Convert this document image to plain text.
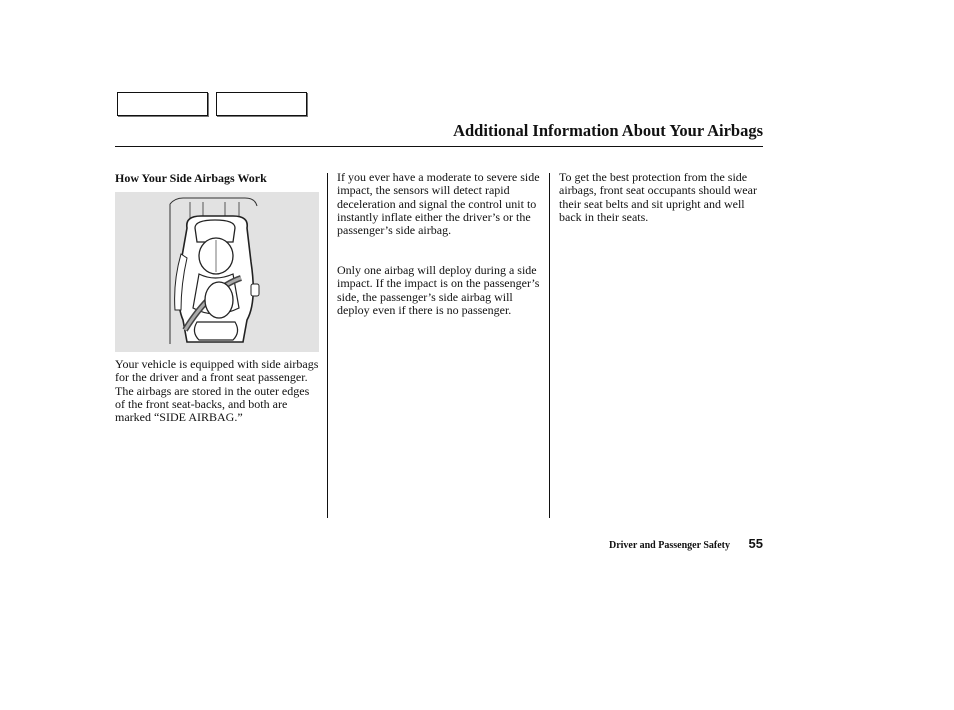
Additional Information About Your Airbags
How Your Side Airbags Work

Your vehicle is equipped with side airbags for the driver and a front seat passenger. The airbags are stored in the outer edges of the front seat-backs, and both are marked “SIDE AIRBAG.”

If you ever have a moderate to severe side impact, the sensors will detect rapid deceleration and signal the control unit to instantly inflate either the driver’s or the passenger’s side airbag.

Only one airbag will deploy during a side impact. If the impact is on the passenger’s side, the passenger’s side airbag will deploy even if there is no passenger.

To get the best protection from the side airbags, front seat occupants should wear their seat belts and sit upright and well back in their seats.

Driver and Passenger Safety 55
